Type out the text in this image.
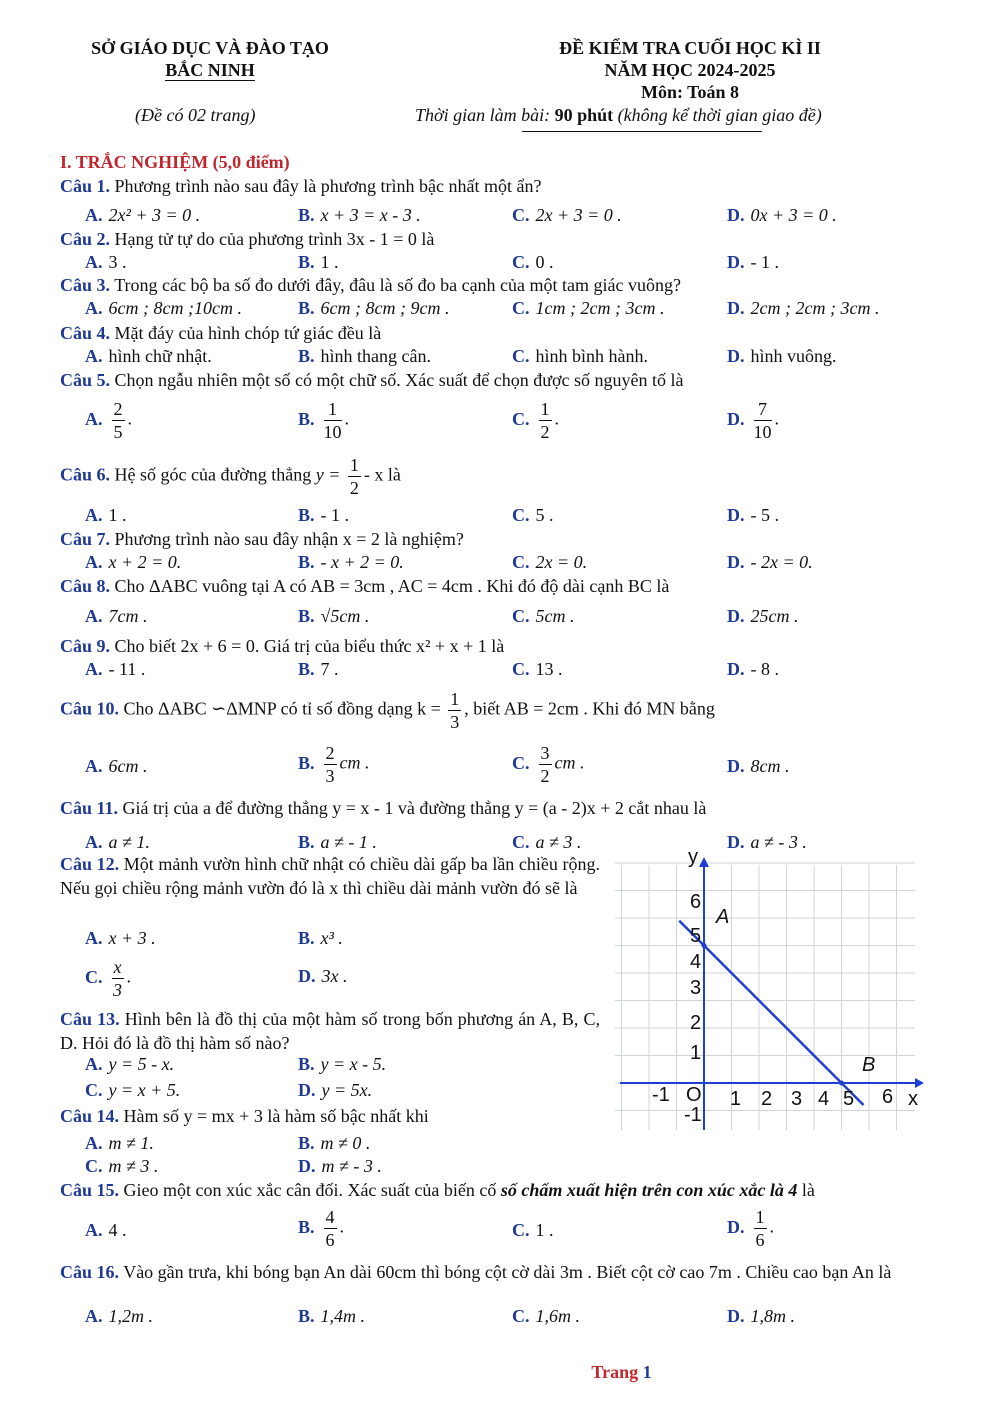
SỞ GIÁO DỤC VÀ ĐÀO TẠO
BẮC NINH
(Đề có 02 trang)
ĐỀ KIỂM TRA CUỐI HỌC KÌ II
NĂM HỌC 2024-2025
Môn: Toán 8
Thời gian làm bài: 90 phút (không kể thời gian giao đề)
I. TRẮC NGHIỆM (5,0 điểm)
Câu 1. Phương trình nào sau đây là phương trình bậc nhất một ẩn?
A. 2x² + 3 = 0 .	B. x + 3 = x - 3 .	C. 2x + 3 = 0 .	D. 0x + 3 = 0 .
Câu 2. Hạng tử tự do của phương trình 3x - 1 = 0 là
A. 3 .	B. 1 .	C. 0 .	D. - 1 .
Câu 3. Trong các bộ ba số đo dưới đây, đâu là số đo ba cạnh của một tam giác vuông?
A. 6cm ; 8cm ;10cm .	B. 6cm ; 8cm ; 9cm .	C. 1cm ; 2cm ; 3cm .	D. 2cm ; 2cm ; 3cm .
Câu 4. Mặt đáy của hình chóp tứ giác đều là
A. hình chữ nhật.	B. hình thang cân.	C. hình bình hành.	D. hình vuông.
Câu 5. Chọn ngẫu nhiên một số có một chữ số. Xác suất để chọn được số nguyên tố là
A. $\frac{2}{5}$ .	B. $\frac{1}{10}$ .	C. $\frac{1}{2}$ .	D. $\frac{7}{10}$ .
Câu 6. Hệ số góc của đường thẳng $y = \frac{1}{2} - x$ là
A. 1 .	B. - 1 .	C. 5 .	D. - 5 .
Câu 7. Phương trình nào sau đây nhận x = 2 là nghiệm?
A. x + 2 = 0.	B. - x + 2 = 0.	C. 2x = 0.	D. - 2x = 0.
Câu 8. Cho ΔABC vuông tại A có AB = 3cm , AC = 4cm . Khi đó độ dài cạnh BC là
A. 7cm .	B. √5cm .	C. 5cm .	D. 25cm .
Câu 9. Cho biết 2x + 6 = 0. Giá trị của biểu thức x² + x + 1 là
A. - 11 .	B. 7 .	C. 13 .	D. - 8 .
Câu 10. Cho ΔABC ∽ΔMNP có tỉ số đồng dạng $k = \frac{1}{3}$ , biết AB = 2cm . Khi đó MN bằng
A. 6cm .	B. $\frac{2}{3}$ cm .	C. $\frac{3}{2}$ cm .	D. 8cm .
Câu 11. Giá trị của a để đường thẳng y = x - 1 và đường thẳng y = (a - 2)x + 2 cắt nhau là
A. a ≠ 1.	B. a ≠ - 1 .	C. a ≠ 3 .	D. a ≠ - 3 .
Câu 12. Một mảnh vườn hình chữ nhật có chiều dài gấp ba lần chiều rộng. Nếu gọi chiều rộng mảnh vườn đó là x thì chiều dài mảnh vườn đó sẽ là
A. x + 3 .	B. x³ .
C. $\frac{x}{3}$ .	D. 3x .
Câu 13. Hình bên là đồ thị của một hàm số trong bốn phương án A, B, C, D. Hỏi đó là đồ thị hàm số nào?
A. y = 5 - x.	B. y = x - 5.
C. y = x + 5.	D. y = 5x.
Câu 14. Hàm số y = mx + 3 là hàm số bậc nhất khi
A. m ≠ 1.	B. m ≠ 0 .
C. m ≠ 3 .	D. m ≠ - 3 .
Câu 15. Gieo một con xúc xắc cân đối. Xác suất của biến cố số chấm xuất hiện trên con xúc xắc là 4 là
A. 4 .	B. $\frac{4}{6}$ .	C. 1 .	D. $\frac{1}{6}$ .
Câu 16. Vào gần trưa, khi bóng bạn An dài 60cm thì bóng cột cờ dài 3m . Biết cột cờ cao 7m . Chiều cao bạn An là
A. 1,2m .	B. 1,4m .	C. 1,6m .	D. 1,8m .
y
x
O
A
B
6
5
4
3
2
1
-1
-1	1 2 3 4 5 6
Trang 1
